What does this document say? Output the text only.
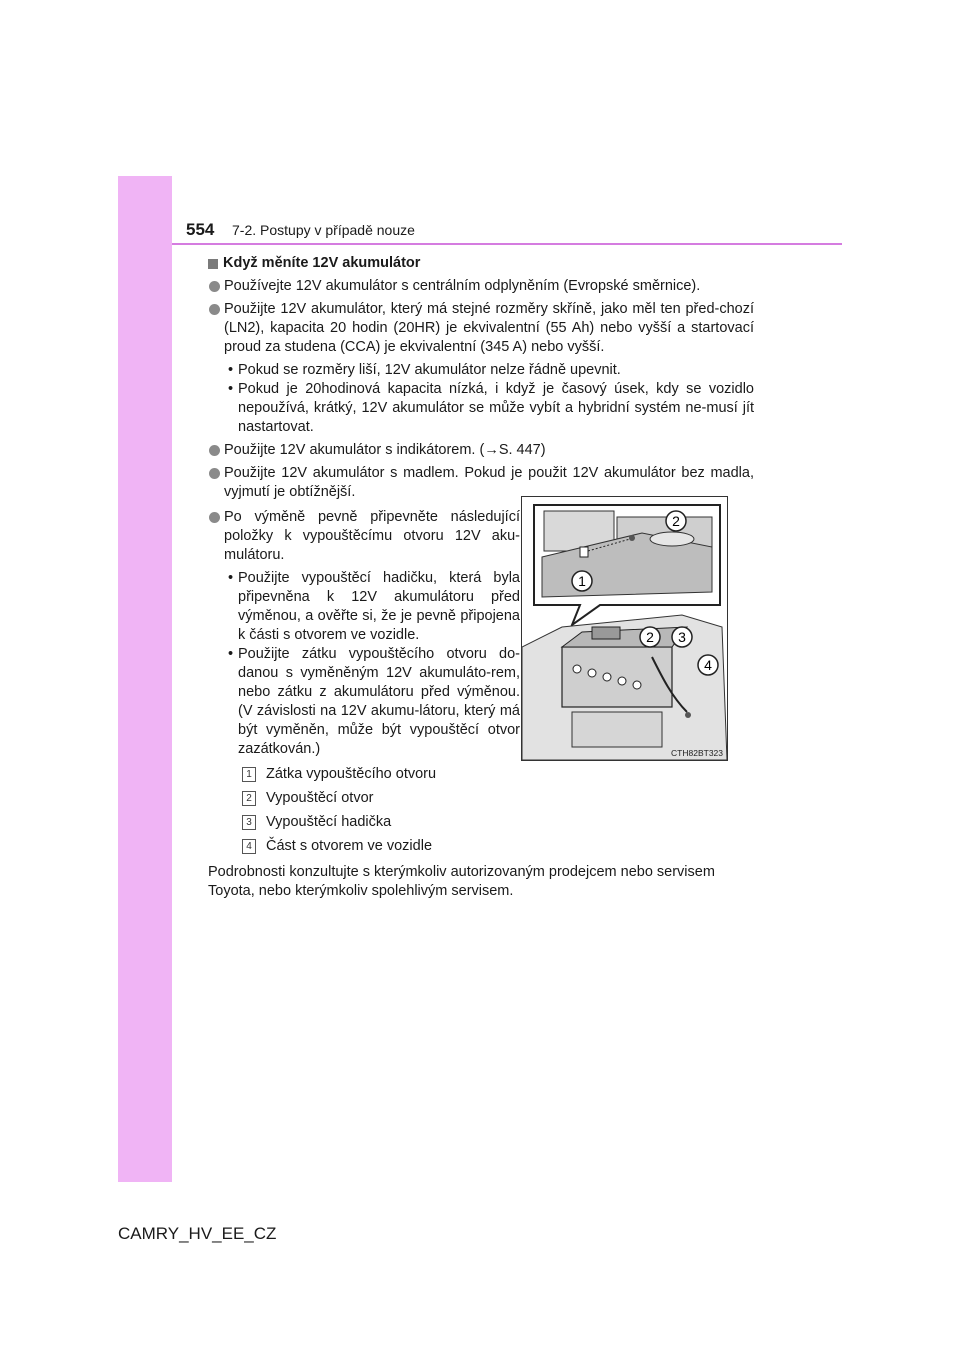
554 7-2. Postupy v případě nouze
Když měníte 12V akumulátor
Používejte 12V akumulátor s centrálním odplyněním (Evropské směrnice).
Použijte 12V akumulátor, který má stejné rozměry skříně, jako měl ten před-chozí (LN2), kapacita 20 hodin (20HR) je ekvivalentní (55 Ah) nebo vyšší a startovací proud za studena (CCA) je ekvivalentní (345 A) nebo vyšší.
• Pokud se rozměry liší, 12V akumulátor nelze řádně upevnit.
• Pokud je 20hodinová kapacita nízká, i když je časový úsek, kdy se vozidlo nepoužívá, krátký, 12V akumulátor se může vybít a hybridní systém ne-musí jít nastartovat.
Použijte 12V akumulátor s indikátorem. (→S. 447)
Použijte 12V akumulátor s madlem. Pokud je použit 12V akumulátor bez madla, vyjmutí je obtížnější.
Po výměně pevně připevněte následující položky k vypouštěcímu otvoru 12V aku-mulátoru.
• Použijte vypouštěcí hadičku, která byla připevněna k 12V akumulátoru před výměnou, a ověřte si, že je pevně připojena k části s otvorem ve vozidle.
• Použijte zátku vypouštěcího otvoru do-danou s vyměněným 12V akumuláto-rem, nebo zátku z akumulátoru před výměnou. (V závislosti na 12V akumu-látoru, který má být vyměněn, může být vypouštěcí otvor zazátkován.)
1 Zátka vypouštěcího otvoru
2 Vypouštěcí otvor
3 Vypouštěcí hadička
4 Část s otvorem ve vozidle
Podrobnosti konzultujte s kterýmkoliv autorizovaným prodejcem nebo servisem Toyota, nebo kterýmkoliv spolehlivým servisem.
2
1
2 3
4
CTH82BT323
CAMRY_HV_EE_CZ
